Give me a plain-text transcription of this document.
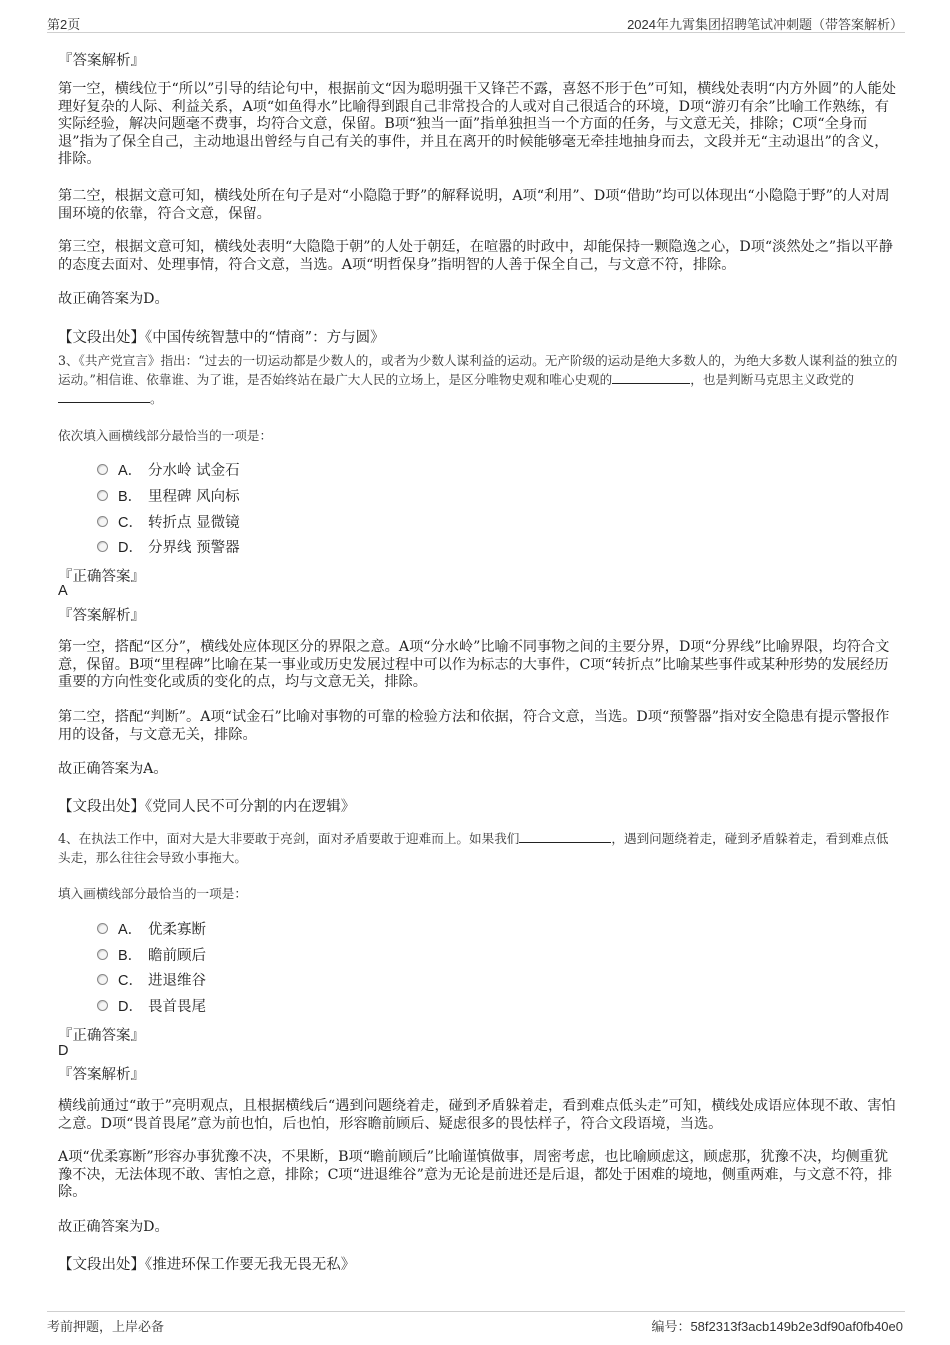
第2页	2024年九霄集团招聘笔试冲刺题（带答案解析）
『答案解析』
第一空，横线位于“所以”引导的结论句中，根据前文“因为聪明强干又锋芒不露，喜怒不形于色”可知，横线处表明“内方外圆”的人能处理好复杂的人际、利益关系，A项“如鱼得水”比喻得到跟自己非常投合的人或对自己很适合的环境，D项“游刃有余”比喻工作熟练，有实际经验，解决问题毫不费事，均符合文意，保留。B项“独当一面”指单独担当一个方面的任务，与文意无关，排除；C项“全身而退”指为了保全自己，主动地退出曾经与自己有关的事件，并且在离开的时候能够毫无牵挂地抽身而去，文段并无“主动退出”的含义，排除。
第二空，根据文意可知，横线处所在句子是对“小隐隐于野”的解释说明，A项“利用”、D项“借助”均可以体现出“小隐隐于野”的人对周围环境的依靠，符合文意，保留。
第三空，根据文意可知，横线处表明“大隐隐于朝”的人处于朝廷，在喧嚣的时政中，却能保持一颗隐逸之心，D项“淡然处之”指以平静的态度去面对、处理事情，符合文意，当选。A项“明哲保身”指明智的人善于保全自己，与文意不符，排除。
故正确答案为D。
【文段出处】《中国传统智慧中的“情商”：方与圆》
3、《共产党宣言》指出：“过去的一切运动都是少数人的，或者为少数人谋利益的运动。无产阶级的运动是绝大多数人的，为绝大多数人谋利益的独立的运动。”相信谁、依靠谁、为了谁，是否始终站在最广大人民的立场上，是区分唯物史观和唯心史观的	，也是判断马克思主义政党的。
依次填入画横线部分最恰当的一项是：
A． 分水岭 试金石
B． 里程碑 风向标
C． 转折点 显微镜
D． 分界线 预警器
『正确答案』
A
『答案解析』
第一空，搭配“区分”，横线处应体现区分的界限之意。A项“分水岭”比喻不同事物之间的主要分界，D项“分界线”比喻界限，均符合文意，保留。B项“里程碑”比喻在某一事业或历史发展过程中可以作为标志的大事件，C项“转折点”比喻某些事件或某种形势的发展经历重要的方向性变化或质的变化的点，均与文意无关，排除。
第二空，搭配“判断”。A项“试金石”比喻对事物的可靠的检验方法和依据，符合文意，当选。D项“预警器”指对安全隐患有提示警报作用的设备，与文意无关，排除。
故正确答案为A。
【文段出处】《党同人民不可分割的内在逻辑》
4、在执法工作中，面对大是大非要敢于亮剑，面对矛盾要敢于迎难而上。如果我们	，遇到问题绕着走，碰到矛盾躲着走，看到难点低头走，那么往往会导致小事拖大。
填入画横线部分最恰当的一项是：
A． 优柔寡断
B． 瞻前顾后
C． 进退维谷
D． 畏首畏尾
『正确答案』
D
『答案解析』
横线前通过“敢于”亮明观点，且根据横线后“遇到问题绕着走，碰到矛盾躲着走，看到难点低头走”可知，横线处成语应体现不敢、害怕之意。D项“畏首畏尾”意为前也怕，后也怕，形容瞻前顾后、疑虑很多的畏怯样子，符合文段语境，当选。
A项“优柔寡断”形容办事犹豫不决，不果断，B项“瞻前顾后”比喻谨慎做事，周密考虑，也比喻顾虑这，顾虑那，犹豫不决，均侧重犹豫不决，无法体现不敢、害怕之意，排除；C项“进退维谷”意为无论是前进还是后退，都处于困难的境地，侧重两难，与文意不符，排除。
故正确答案为D。
【文段出处】《推进环保工作要无我无畏无私》
考前押题，上岸必备	编号：58f2313f3acb149b2e3df90af0fb40e0
